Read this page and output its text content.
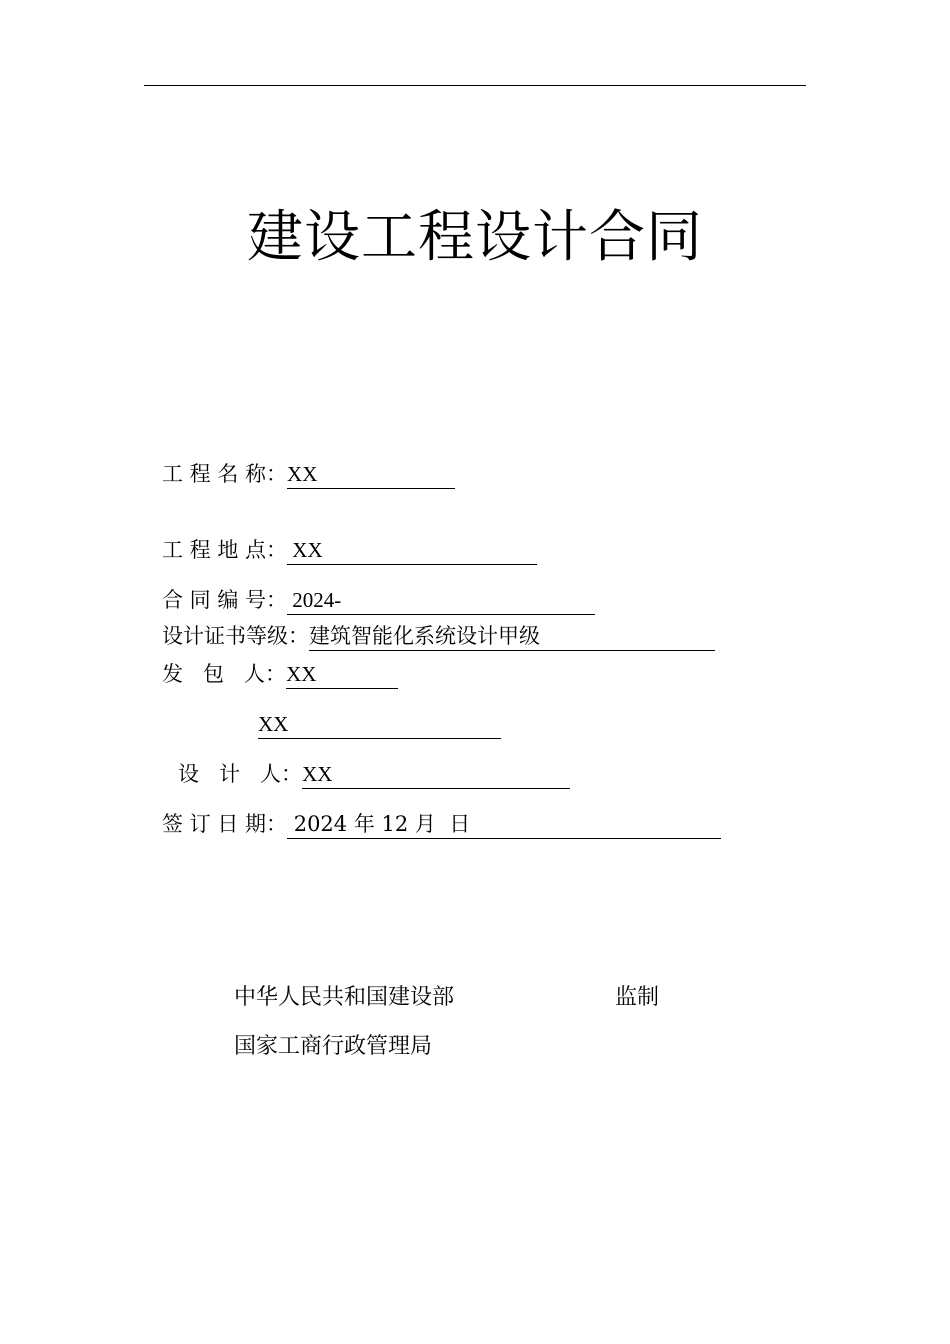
建设工程设计合同
工 程 名 称：XX
工 程 地 点： XX
合 同 编 号： 2024-
设计证书等级：建筑智能化系统设计甲级
发   包   人：XX
XX
设   计   人：XX
签 订 日 期： 2024 年 12 月  日
中华人民共和国建设部	监制
国家工商行政管理局
